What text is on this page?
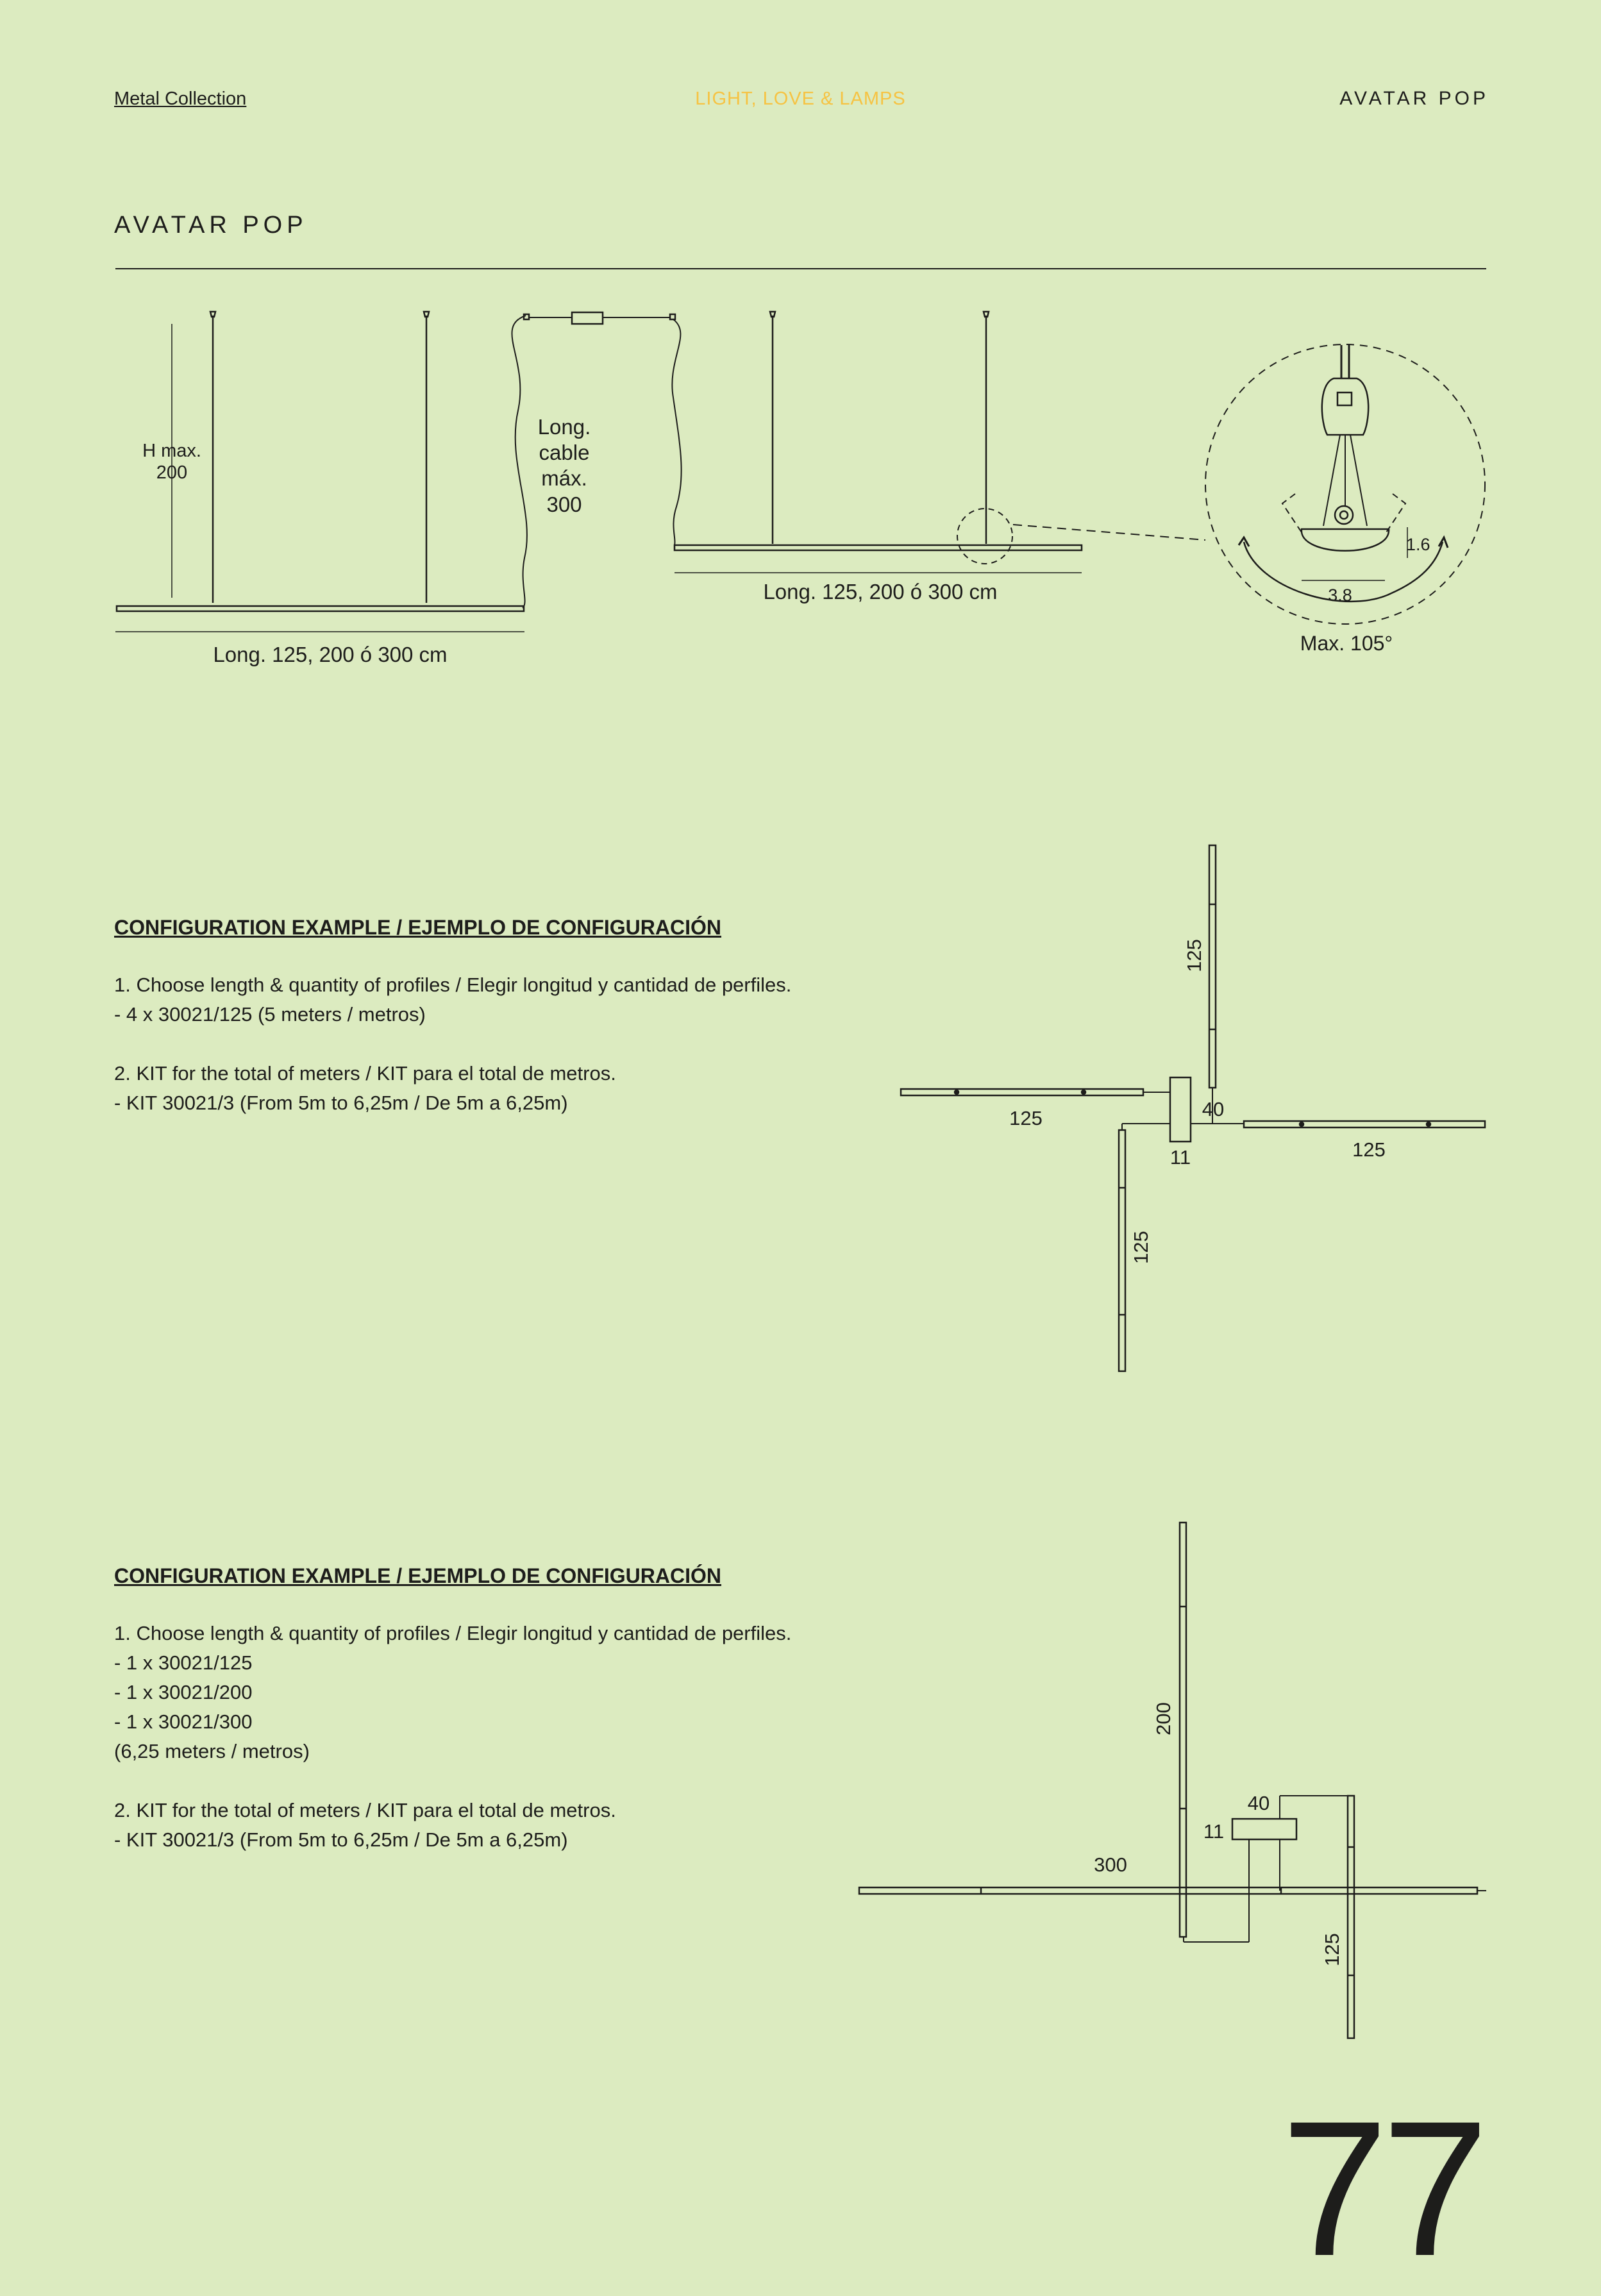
Metal Collection	LIGHT, LOVE & LAMPS	AVATAR POP
AVATAR POP
H max.
200
Long. 125, 200 ó 300 cm
Long.
cable
máx.
300
Long. 125, 200 ó 300 cm
1.6
3.8
Max. 105°
125
125
125
125
40
11
200
300
125
40
11
CONFIGURATION EXAMPLE / EJEMPLO DE CONFIGURACIÓN
1. Choose length & quantity of profiles / Elegir longitud y cantidad de perfiles.
- 4 x 30021/125 (5 meters / metros)
2. KIT for the total of meters / KIT para el total de metros.
- KIT 30021/3 (From 5m to 6,25m / De 5m a 6,25m)
CONFIGURATION EXAMPLE / EJEMPLO DE CONFIGURACIÓN
1. Choose length & quantity of profiles / Elegir longitud y cantidad de perfiles.
- 1 x 30021/125
- 1 x 30021/200
- 1 x 30021/300
(6,25 meters / metros)
2. KIT for the total of meters / KIT para el total de metros.
- KIT 30021/3 (From 5m to 6,25m / De 5m a 6,25m)
77
